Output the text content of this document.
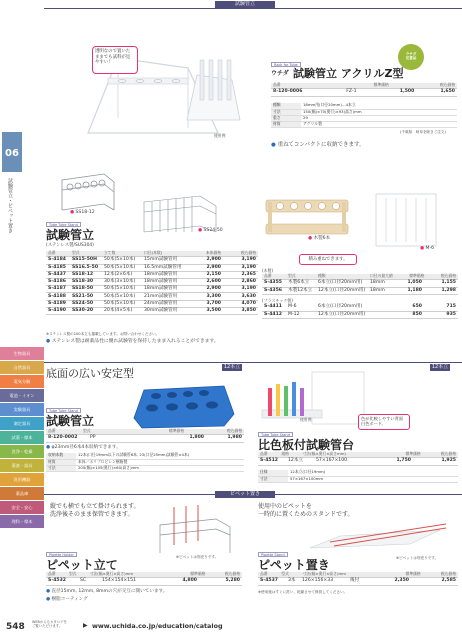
試験管立
06
試験管立・ピペット置き
透明なので置いた
ままでも試料が見
やすい！
使用例
ウチダ
定番品
Rack for Tube
ウチダ 試験管立 アクリルZ型
品番		標準価格	税込価格
8-120-0006	FZ-1	1,500	1,650
種類	18mm用(口径20mm)…4本立
寸法	150(幅)×70(奥行)×93(高さ)mm
重さ	29
材質	アクリル製
(千葉県　岐阜を除きご注文)
● 重ねてコンパクトに収納できます。
● SS18-12
● SS24-50
Tube Tube Stand
試験管立
(ステンレス製/SUS304)
品番	型式	立て数	口径(本数)	本体価格	税込価格
S-4184	SS15-50H	50本(5×10本)	15mm試験管用	2,900	3,190
S-4185	SS16.5-50	50本(5×10本)	16.5mm試験管用	2,900	3,190
S-4437	SS18-12	12本(2×6本)	18mm試験管用	2,150	2,365
S-4186	SS18-30	30本(3×10本)	18mm試験管用	2,600	2,860
S-4187	SS18-50	50本(5×10本)	18mm試験管用	2,900	3,190
S-4188	SS21-50	50本(5×10本)	21mm試験管用	3,300	3,630
S-4189	SS24-50	50本(5×10本)	24mm試験管用	3,700	4,070
S-4190	SS30-20	20本(4×5本)	30mm試験管用	3,500	3,850
※ステンレス製の100本立も掲載しています。お問い合わせください。
● ステンレス製は耐薬品性に優れ試験管を保持したまま入れることができます。
● 木製6本
● M-6
積み重ねできます。
(木製)
品番	型式	種類	口径の最大値	標準価格	税込価格
S-4355	木製6本立	6本立(口径20mm用)	18mm	1,050	1,155
S-4356	木製12本立	12本立(口径20mm用)	18mm	1,180	1,298
(プラスチック製)
S-4411	M-6	6本立(口径20mm用)	650	715
S-4412	M-12	12本立(口径20mm用)	850	935
生物器具
自然器具
電気分解
電池・イオン
実験器具
測定器具
試薬・標本
洗浄・乾燥
薬液・器具
汎用機器
薬品庫
安全・安心
理科・標本
底面の広い安定型	12本立
Tube Tube Stand
試験管立
品番	型式		標準価格	税込価格
8-120-0002	PP	1,800	1,980
● φ23mm径6本4本収納できます。
収納本数	12本(口径19mm以下の試験管6本, 23(口径25mm)試験管×4本)
材質	本体／ポリプロピレン樹脂製
寸法	205(幅)×105(奥行)×60(高さ)mm
12本立
使用例	色が比較しやすい背面
白色ボード。
Tube Tube Stand
比色板付試験管台
品番	規格	寸法(幅×奥行×高さmm)	標準価格	税込価格
S-4512	12本立	57×167×100	1,750	1,925
仕様	12本立(口径19mm)
寸法	57×167×100mm
ピペット置き
縦でも横でも立て掛けられます。
洗浄後そのまま保管できます。
※ピペットは別売りです。
Pipette Holder
ピペット立て
品番	型式	寸法(幅×奥行×高さ)mm	標準価格	税込価格
S-4532	SC	154×154×151	4,800	5,280
● 直径15mm, 12mm, 8mmの穴が交互に開いています。
● 樹脂コーティング
使用中のピペットを
一時的に置くためのスタンドです。
※ピペットは別売りです。
Pipette Stand
ピペット置き
品番	型式	寸法(幅×奥行×高さ)mm	標準価格	税込価格
S-4537	3本	126×156×33	後付	2,350	2,585
※使用後はすぐに洗い、乾燥させて保管してください。
548 WEBからもカタログを
ご覧いただけます。	▶ www.uchida.co.jp/education/catalog
